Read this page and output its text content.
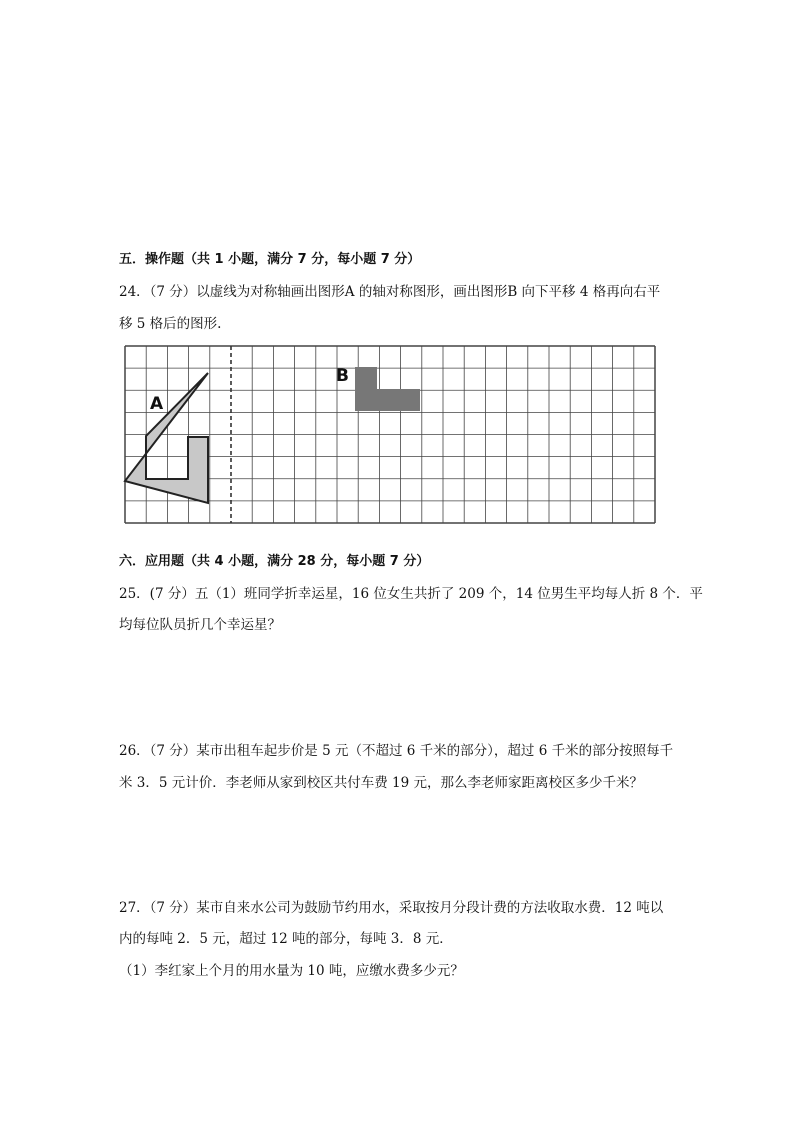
五．操作题（共 1 小题，满分 7 分，每小题 7 分）
24．（7 分）以虚线为对称轴画出图形A 的轴对称图形，画出图形B 向下平移 4 格再向右平
移 5 格后的图形.
A
B
六．应用题（共 4 小题，满分 28 分，每小题 7 分）
25．(7 分）五（1）班同学折幸运星，16 位女生共折了 209 个，14 位男生平均每人折 8 个．平
均每位队员折几个幸运星？
26．（7 分）某市出租车起步价是 5 元（不超过 6 千米的部分），超过 6 千米的部分按照每千
米 3．5 元计价．李老师从家到校区共付车费 19 元，那么李老师家距离校区多少千米？
27．（7 分）某市自来水公司为鼓励节约用水，采取按月分段计费的方法收取水费．12 吨以
内的每吨 2．5 元，超过 12 吨的部分，每吨 3．8 元．
（1）李红家上个月的用水量为 10 吨，应缴水费多少元？
